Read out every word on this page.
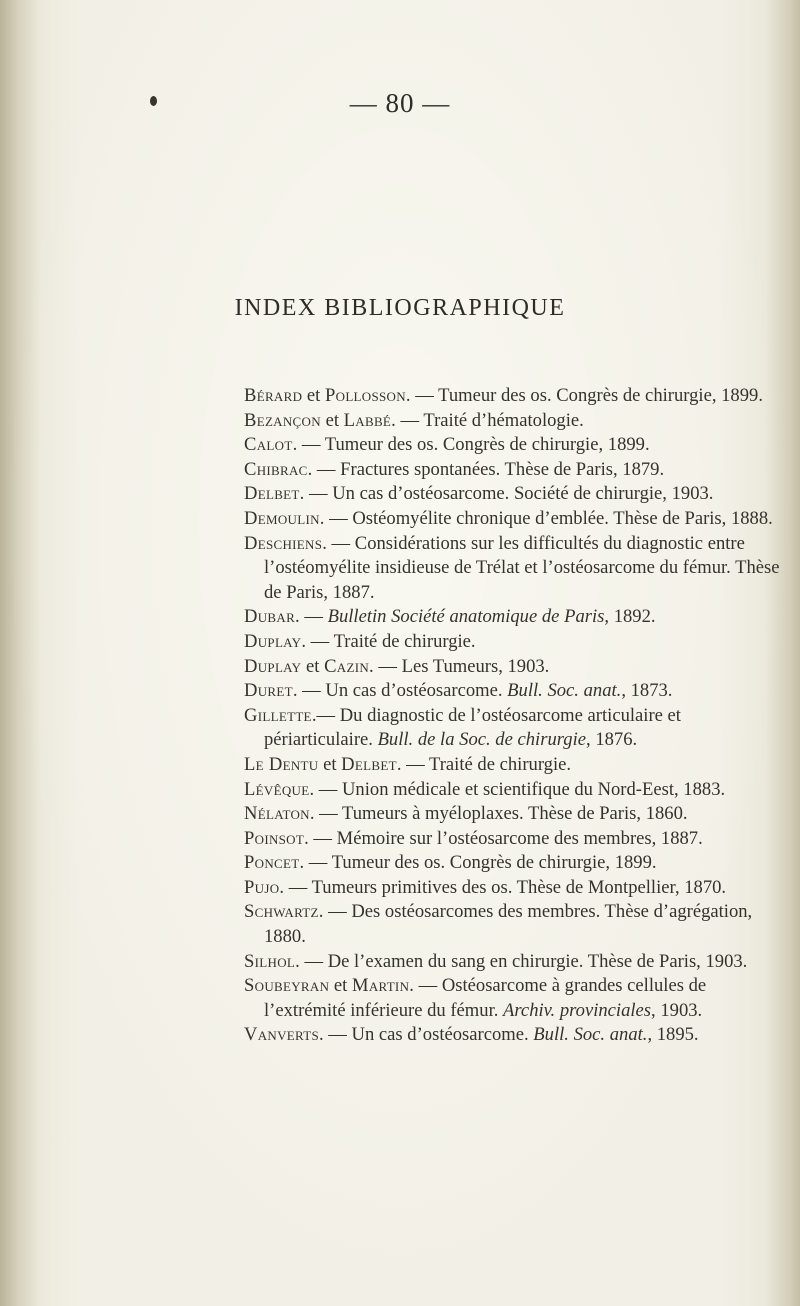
— 80 —
INDEX BIBLIOGRAPHIQUE
Bérard et Pollosson. — Tumeur des os. Congrès de chirurgie, 1899.
Bezançon et Labbé. — Traité d’hématologie.
Calot. — Tumeur des os. Congrès de chirurgie, 1899.
Chibrac. — Fractures spontanées. Thèse de Paris, 1879.
Delbet. — Un cas d’ostéosarcome. Société de chirurgie, 1903.
Demoulin. — Ostéomyélite chronique d’emblée. Thèse de Paris, 1888.
Deschiens. — Considérations sur les difficultés du diagnostic entre l’ostéomyélite insidieuse de Trélat et l’ostéosarcome du fémur. Thèse de Paris, 1887.
Dubar. — Bulletin Société anatomique de Paris, 1892.
Duplay. — Traité de chirurgie.
Duplay et Cazin. — Les Tumeurs, 1903.
Duret. — Un cas d’ostéosarcome. Bull. Soc. anat., 1873.
Gillette.— Du diagnostic de l’ostéosarcome articulaire et périarticulaire. Bull. de la Soc. de chirurgie, 1876.
Le Dentu et Delbet. — Traité de chirurgie.
Lévêque. — Union médicale et scientifique du Nord-Eest, 1883.
Nélaton. — Tumeurs à myéloplaxes. Thèse de Paris, 1860.
Poinsot. — Mémoire sur l’ostéosarcome des membres, 1887.
Poncet. — Tumeur des os. Congrès de chirurgie, 1899.
Pujo. — Tumeurs primitives des os. Thèse de Montpellier, 1870.
Schwartz. — Des ostéosarcomes des membres. Thèse d’agrégation, 1880.
Silhol. — De l’examen du sang en chirurgie. Thèse de Paris, 1903.
Soubeyran et Martin. — Ostéosarcome à grandes cellules de l’extrémité inférieure du fémur. Archiv. provinciales, 1903.
Vanverts. — Un cas d’ostéosarcome. Bull. Soc. anat., 1895.
